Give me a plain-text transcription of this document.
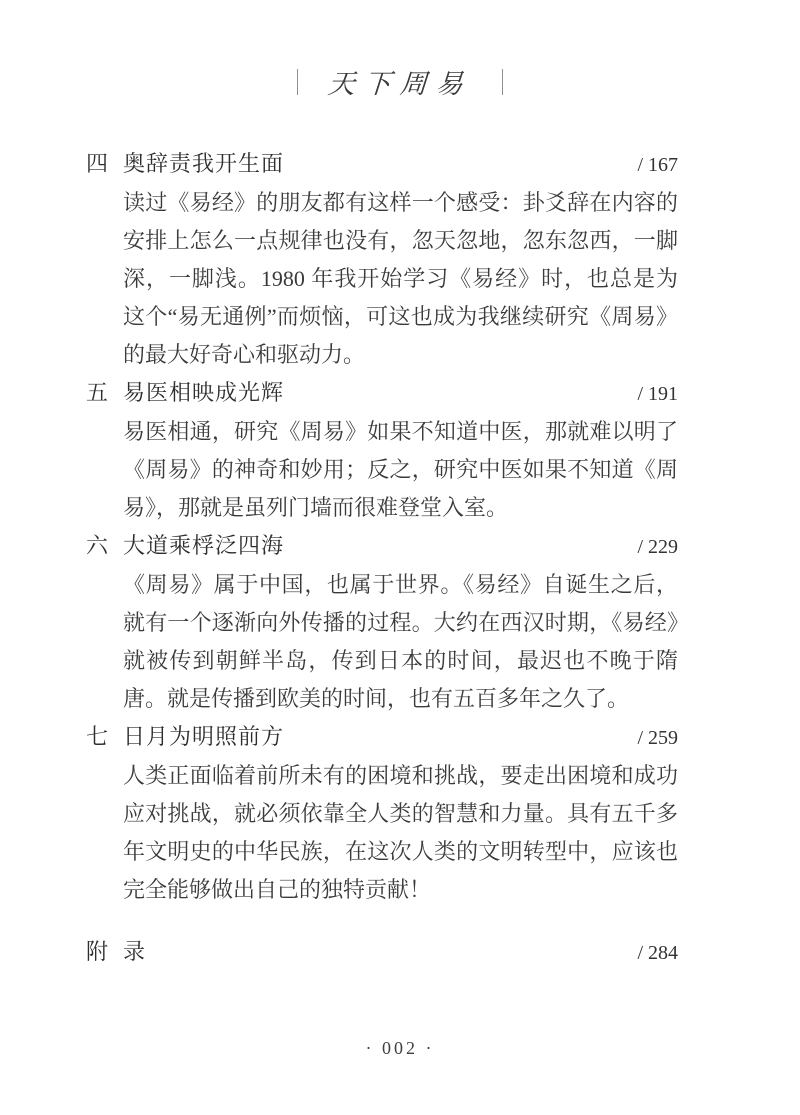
天下周易
四 奥辞责我开生面	/ 167

读过《易经》的朋友都有这样一个感受：卦爻辞在内容的安排上怎么一点规律也没有，忽天忽地，忽东忽西，一脚深，一脚浅。1980 年我开始学习《易经》时，也总是为这个“易无通例”而烦恼，可这也成为我继续研究《周易》的最大好奇心和驱动力。

五 易医相映成光辉	/ 191

易医相通，研究《周易》如果不知道中医，那就难以明了《周易》的神奇和妙用；反之，研究中医如果不知道《周易》，那就是虽列门墙而很难登堂入室。

六 大道乘桴泛四海	/ 229

《周易》属于中国，也属于世界。《易经》自诞生之后，就有一个逐渐向外传播的过程。大约在西汉时期，《易经》就被传到朝鲜半岛，传到日本的时间，最迟也不晚于隋唐。就是传播到欧美的时间，也有五百多年之久了。

七 日月为明照前方	/ 259

人类正面临着前所未有的困境和挑战，要走出困境和成功应对挑战，就必须依靠全人类的智慧和力量。具有五千多年文明史的中华民族，在这次人类的文明转型中，应该也完全能够做出自己的独特贡献！

附 录	/ 284
· 002 ·
